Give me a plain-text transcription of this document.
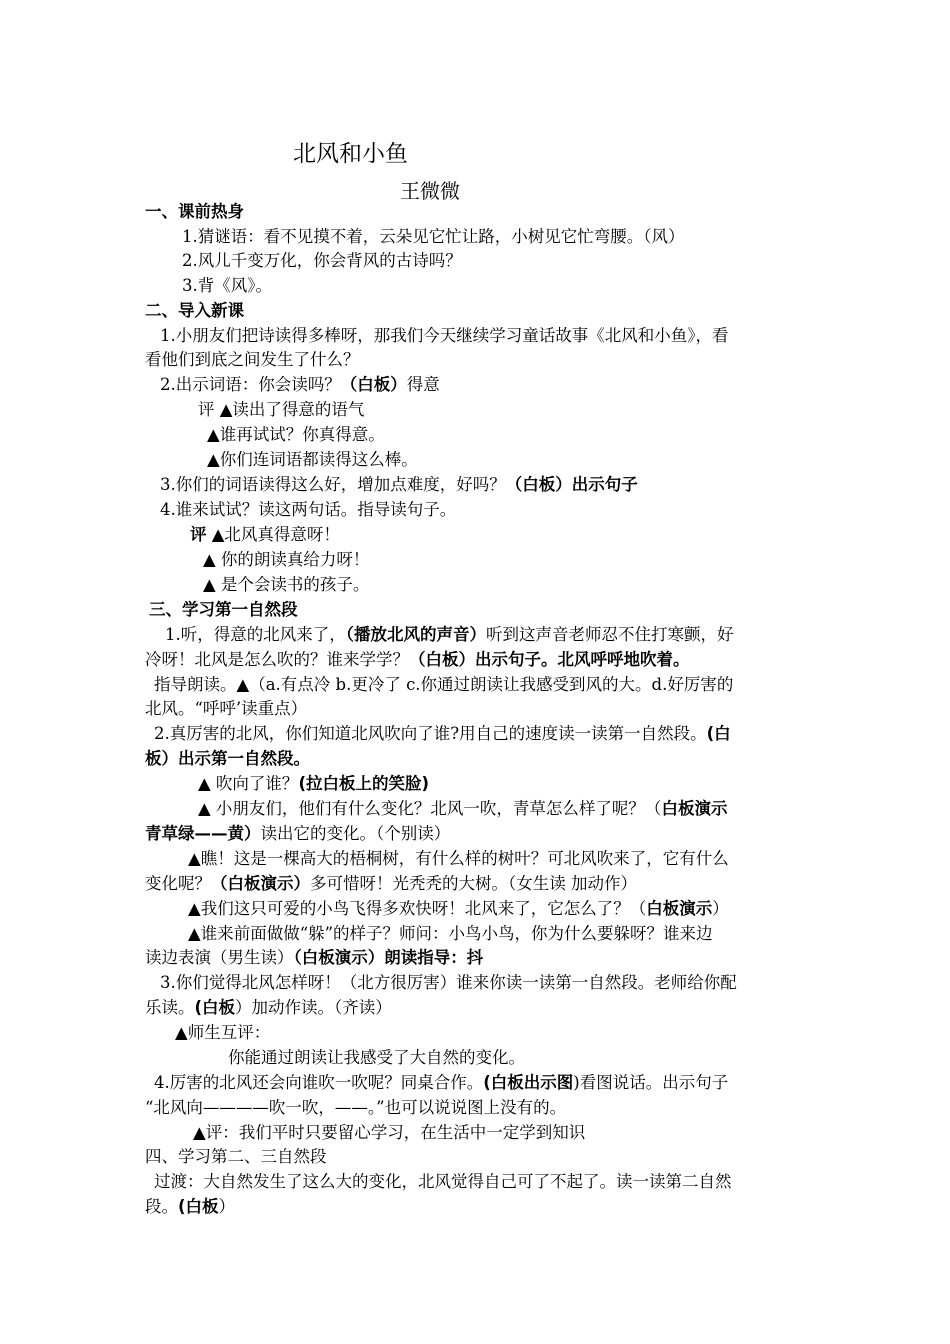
北风和小鱼
王微微
一、课前热身
1.猜谜语：看不见摸不着，云朵见它忙让路，小树见它忙弯腰。（风）
2.风儿千变万化，你会背风的古诗吗？
3.背《风》。
二、导入新课
1.小朋友们把诗读得多棒呀，那我们今天继续学习童话故事《北风和小鱼》，看
看他们到底之间发生了什么？
2.出示词语：你会读吗？（白板）得意
评 ▲读出了得意的语气
▲谁再试试？你真得意。
▲你们连词语都读得这么棒。
3.你们的词语读得这么好，增加点难度，好吗？（白板）出示句子
4.谁来试试？读这两句话。指导读句子。
评 ▲北风真得意呀！
▲ 你的朗读真给力呀！
▲ 是个会读书的孩子。
三、学习第一自然段
1.听，得意的北风来了，（播放北风的声音）听到这声音老师忍不住打寒颤，好
冷呀！北风是怎么吹的？谁来学学？（白板）出示句子。北风呼呼地吹着。
指导朗读。▲（a.有点冷 b.更冷了 c.你通过朗读让我感受到风的大。d.好厉害的
北风。“呼呼’读重点）
2.真厉害的北风，你们知道北风吹向了谁?用自己的速度读一读第一自然段。(白
板）出示第一自然段。
▲ 吹向了谁？(拉白板上的笑脸)
▲ 小朋友们，他们有什么变化？北风一吹，青草怎么样了呢？（白板演示
青草绿——黄）读出它的变化。（个别读）
▲瞧！这是一棵高大的梧桐树，有什么样的树叶？可北风吹来了，它有什么
变化呢？（白板演示）多可惜呀！光秃秃的大树。（女生读 加动作）
▲我们这只可爱的小鸟飞得多欢快呀！北风来了，它怎么了？（白板演示）
▲谁来前面做做“躲”的样子？师问：小鸟小鸟，你为什么要躲呀？谁来边
读边表演（男生读）（白板演示）朗读指导：抖
3.你们觉得北风怎样呀！（北方很厉害）谁来你读一读第一自然段。老师给你配
乐读。(白板）加动作读。（齐读）
▲师生互评：
你能通过朗读让我感受了大自然的变化。
4.厉害的北风还会向谁吹一吹呢？同桌合作。(白板出示图)看图说话。出示句子
“北风向————吹一吹，——。”也可以说说图上没有的。
▲评：我们平时只要留心学习，在生活中一定学到知识
四、学习第二、三自然段
过渡：大自然发生了这么大的变化，北风觉得自己可了不起了。读一读第二自然
段。(白板）
